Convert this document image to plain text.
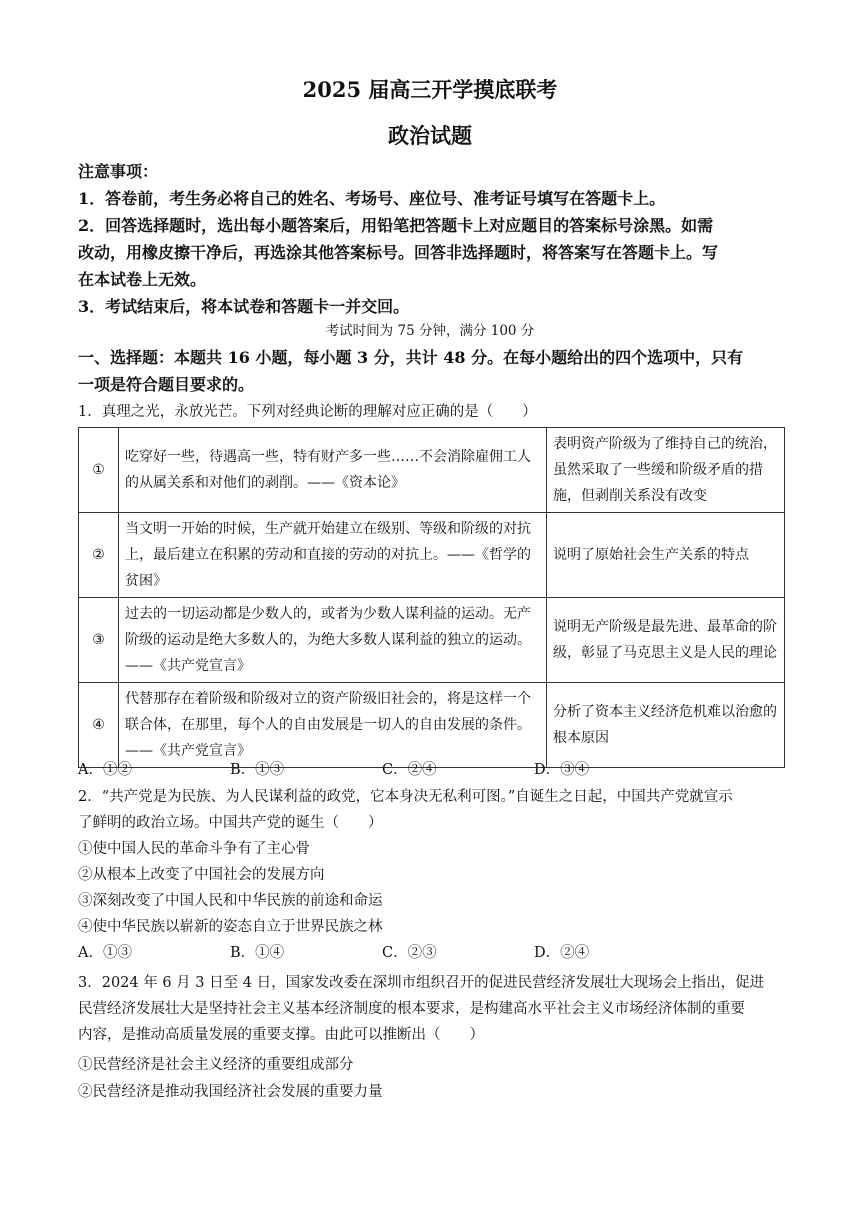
2025 届高三开学摸底联考
政治试题
注意事项：
1．答卷前，考生务必将自己的姓名、考场号、座位号、准考证号填写在答题卡上。
2．回答选择题时，选出每小题答案后，用铅笔把答题卡上对应题目的答案标号涂黑。如需
改动，用橡皮擦干净后，再选涂其他答案标号。回答非选择题时，将答案写在答题卡上。写
在本试卷上无效。
3．考试结束后，将本试卷和答题卡一并交回。
考试时间为 75 分钟，满分 100 分
一、选择题：本题共 16 小题，每小题 3 分，共计 48 分。在每小题给出的四个选项中，只有
一项是符合题目要求的。
1．真理之光，永放光芒。下列对经典论断的理解对应正确的是（　　）
①	吃穿好一些，待遇高一些，特有财产多一些……不会消除雇佣工人的从属关系和对他们的剥削。——《资本论》	表明资产阶级为了维持自己的统治，虽然采取了一些缓和阶级矛盾的措施，但剥削关系没有改变
②	当文明一开始的时候，生产就开始建立在级别、等级和阶级的对抗上，最后建立在积累的劳动和直接的劳动的对抗上。——《哲学的贫困》	说明了原始社会生产关系的特点
③	过去的一切运动都是少数人的，或者为少数人谋利益的运动。无产阶级的运动是绝大多数人的，为绝大多数人谋利益的独立的运动。——《共产党宣言》	说明无产阶级是最先进、最革命的阶级，彰显了马克思主义是人民的理论
④	代替那存在着阶级和阶级对立的资产阶级旧社会的，将是这样一个联合体，在那里，每个人的自由发展是一切人的自由发展的条件。——《共产党宣言》	分析了资本主义经济危机难以治愈的根本原因
A．①②	B．①③	C．②④	D．③④
2．“共产党是为民族、为人民谋利益的政党，它本身决无私利可图。”自诞生之日起，中国共产党就宣示
了鲜明的政治立场。中国共产党的诞生（　　）
①使中国人民的革命斗争有了主心骨
②从根本上改变了中国社会的发展方向
③深刻改变了中国人民和中华民族的前途和命运
④使中华民族以崭新的姿态自立于世界民族之林
A．①③	B．①④	C．②③	D．②④
3．2024 年 6 月 3 日至 4 日，国家发改委在深圳市组织召开的促进民营经济发展壮大现场会上指出，促进
民营经济发展壮大是坚持社会主义基本经济制度的根本要求，是构建高水平社会主义市场经济体制的重要
内容，是推动高质量发展的重要支撑。由此可以推断出（　　）
①民营经济是社会主义经济的重要组成部分
②民营经济是推动我国经济社会发展的重要力量
